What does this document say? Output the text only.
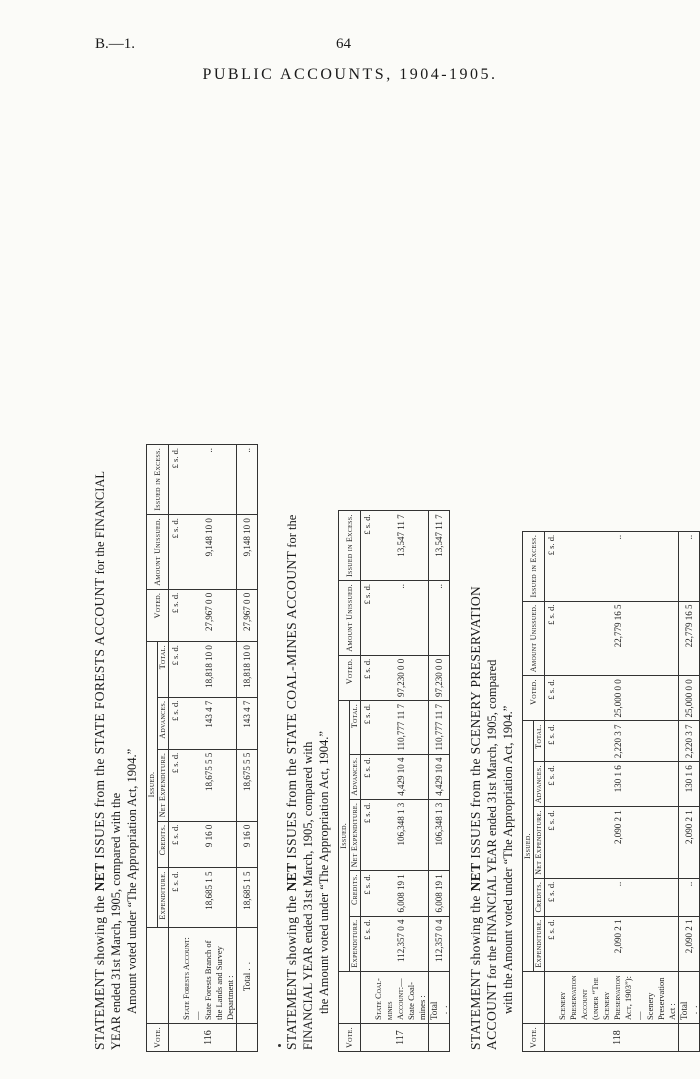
B.—1.	64
PUBLIC ACCOUNTS, 1904-1905.
STATEMENT showing the NET ISSUES from the STATE FORESTS ACCOUNT for the FINANCIAL YEAR ended 31st March, 1905, compared with the Amount voted under “The Appropriation Act, 1904.”
Vote.		Issued.					Voted.	Amount Unissued.	Issued in Excess.
		Expenditure.	Credits.	Net Expenditure.	Advances.	Total.			
		£ s. d.	£ s. d.	£ s. d.	£ s. d.	£ s. d.	£ s. d.	£ s. d.	£ s. d.
116	State Forests Account:—
State Forests Branch of the Lands and Survey Department :	18,685 1 5	9 16 0	18,675 5 5	143 4 7	18,818 10 0	27,967 0 0	9,148 10 0	..
	Total ..	18,685 1 5	9 16 0	18,675 5 5	143 4 7	18,818 10 0	27,967 0 0	9,148 10 0	..
STATEMENT showing the NET ISSUES from the STATE COAL-MINES ACCOUNT for the FINANCIAL YEAR ended 31st March, 1905, compared with the Amount voted under “The Appropriation Act, 1904.”
Vote.		Issued.					Voted.	Amount Unissued.	Issued in Excess.
		Expenditure.	Credits.	Net Expenditure.	Advances.	Total.			
		£ s. d.	£ s. d.	£ s. d.	£ s. d.	£ s. d.	£ s. d.	£ s. d.	£ s. d.
117	State Coal-mines Account:—
State Coal-mines :	112,357 0 4	6,008 19 1	106,348 1 3	4,429 10 4	110,777 11 7	97,230 0 0	..	13,547 11 7
	Total ..	112,357 0 4	6,008 19 1	106,348 1 3	4,429 10 4	110,777 11 7	97,230 0 0	..	13,547 11 7
STATEMENT showing the NET ISSUES from the SCENERY PRESERVATION ACCOUNT for the FINANCIAL YEAR ended 31st March, 1905, compared with the Amount voted under “The Appropriation Act, 1904.”
Vote.		Issued.					Voted.	Amount Unissued.	Issued in Excess.
		Expenditure.	Credits.	Net Expenditure.	Advances.	Total.			
		£ s. d.	£ s. d.	£ s. d.	£ s. d.	£ s. d.	£ s. d.	£ s. d.	£ s. d.
118	Scenery Preservation Account (under “The Scenery Preservation Act, 1903”):—
Scenery Preservation Act :	2,090 2 1	..	2,090 2 1	130 1 6	2,220 3 7	25,000 0 0	22,779 16 5	..
	Total ..	2,090 2 1	..	2,090 2 1	130 1 6	2,220 3 7	25,000 0 0	22,779 16 5	..
